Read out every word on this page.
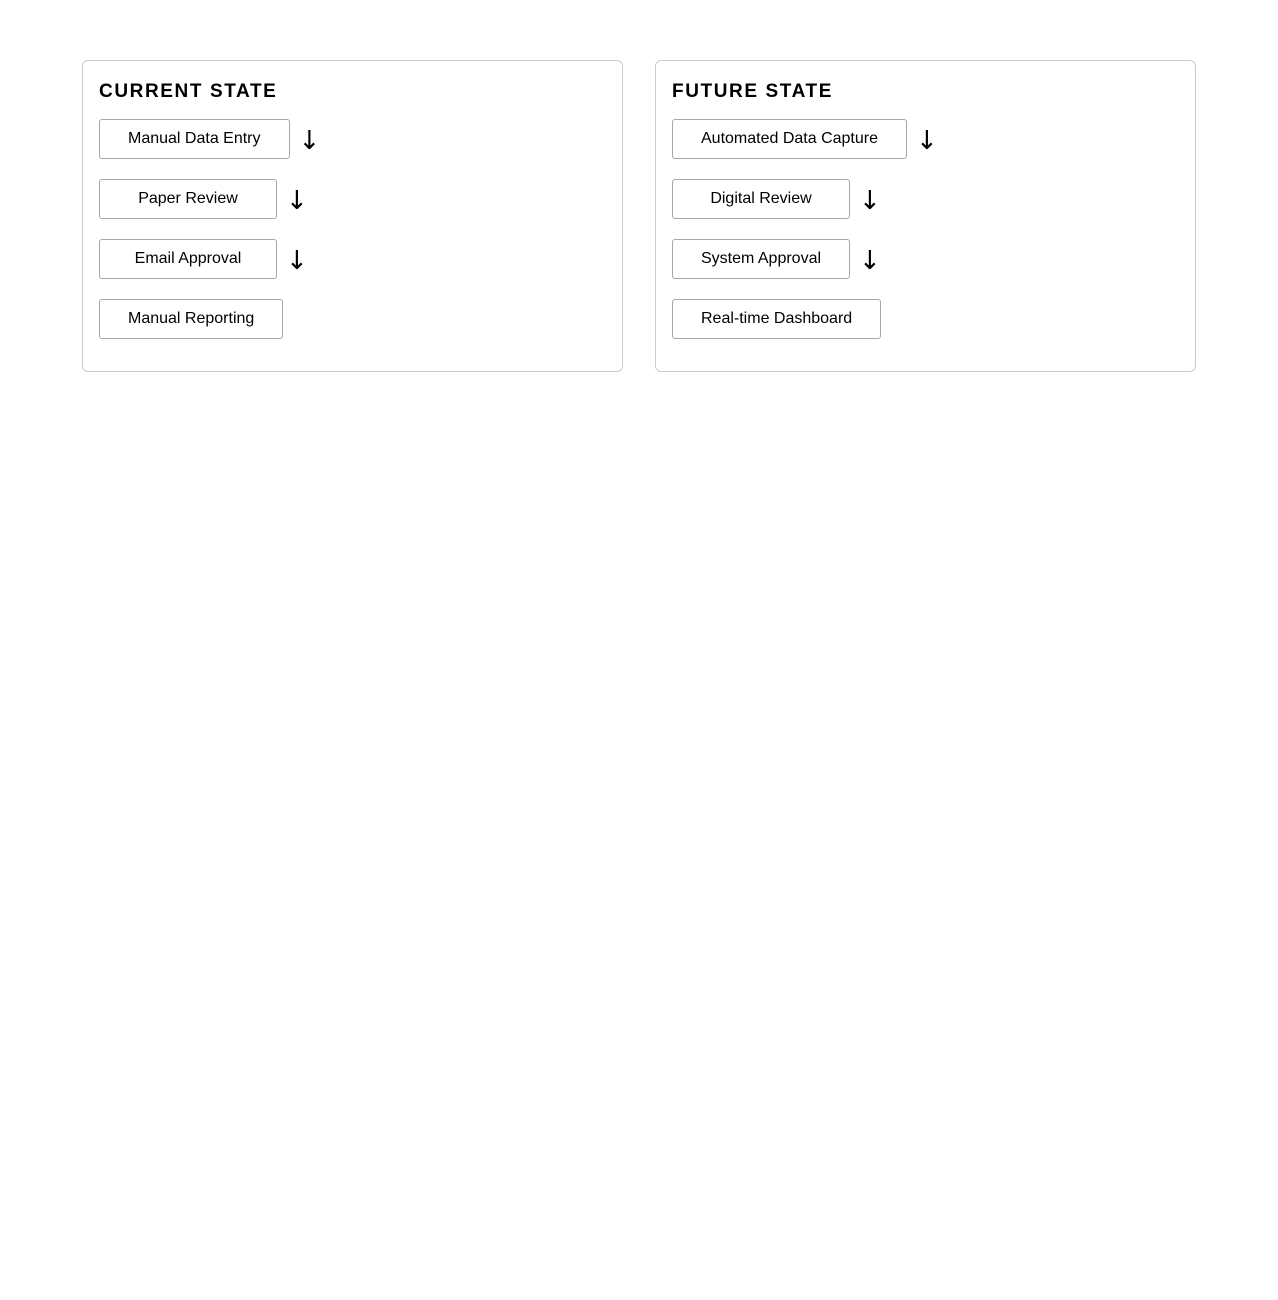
CURRENT STATE
Manual Data Entry	↓
Paper Review	↓
Email Approval	↓
Manual Reporting
FUTURE STATE
Automated Data Capture	↓
Digital Review	↓
System Approval	↓
Real-time Dashboard
